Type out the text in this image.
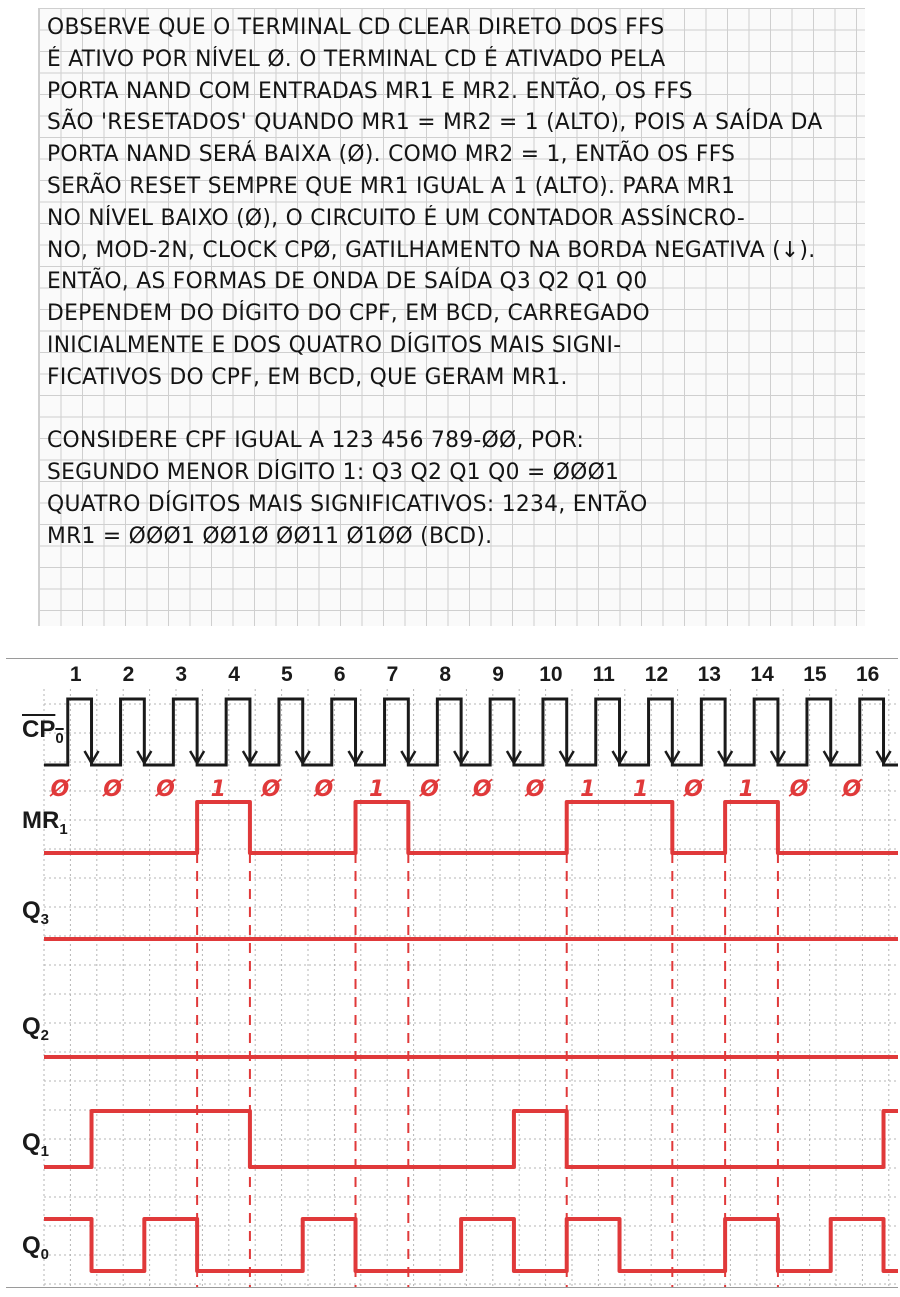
OBSERVE QUE O TERMINAL CD CLEAR DIRETO DOS FFS
É ATIVO POR NÍVEL Ø. O TERMINAL CD É ATIVADO PELA
PORTA NAND COM ENTRADAS MR1 E MR2. ENTÃO, OS FFS
SÃO 'RESETADOS' QUANDO MR1 = MR2 = 1 (ALTO), POIS A SAÍDA DA
PORTA NAND SERÁ BAIXA (Ø). COMO MR2 = 1, ENTÃO OS FFS
SERÃO RESET SEMPRE QUE MR1 IGUAL A 1 (ALTO). PARA MR1
NO NÍVEL BAIXO (Ø), O CIRCUITO É UM CONTADOR ASSÍNCRO-
NO, MOD-2N, CLOCK CPØ, GATILHAMENTO NA BORDA NEGATIVA (↓).
ENTÃO, AS FORMAS DE ONDA DE SAÍDA Q3 Q2 Q1 Q0
DEPENDEM DO DÍGITO DO CPF, EM BCD, CARREGADO
INICIALMENTE E DOS QUATRO DÍGITOS MAIS SIGNI-
FICATIVOS DO CPF, EM BCD, QUE GERAM MR1.
CONSIDERE CPF IGUAL A 123 456 789-ØØ, POR:
SEGUNDO MENOR DÍGITO 1: Q3 Q2 Q1 Q0 = ØØØ1
QUATRO DÍGITOS MAIS SIGNIFICATIVOS: 1234, ENTÃO
MR1 = ØØØ1 ØØ1Ø ØØ11 Ø1ØØ (BCD).
$CP_0$
$MR_1$
$Q_3$
$Q_2$
$Q_1$
$Q_0$
1	2	3	4	5	6	7	8	9	10 11 12 13 14 15 16
Ø Ø Ø	1	Ø Ø	1	Ø Ø Ø	1	1	Ø	1	Ø Ø
